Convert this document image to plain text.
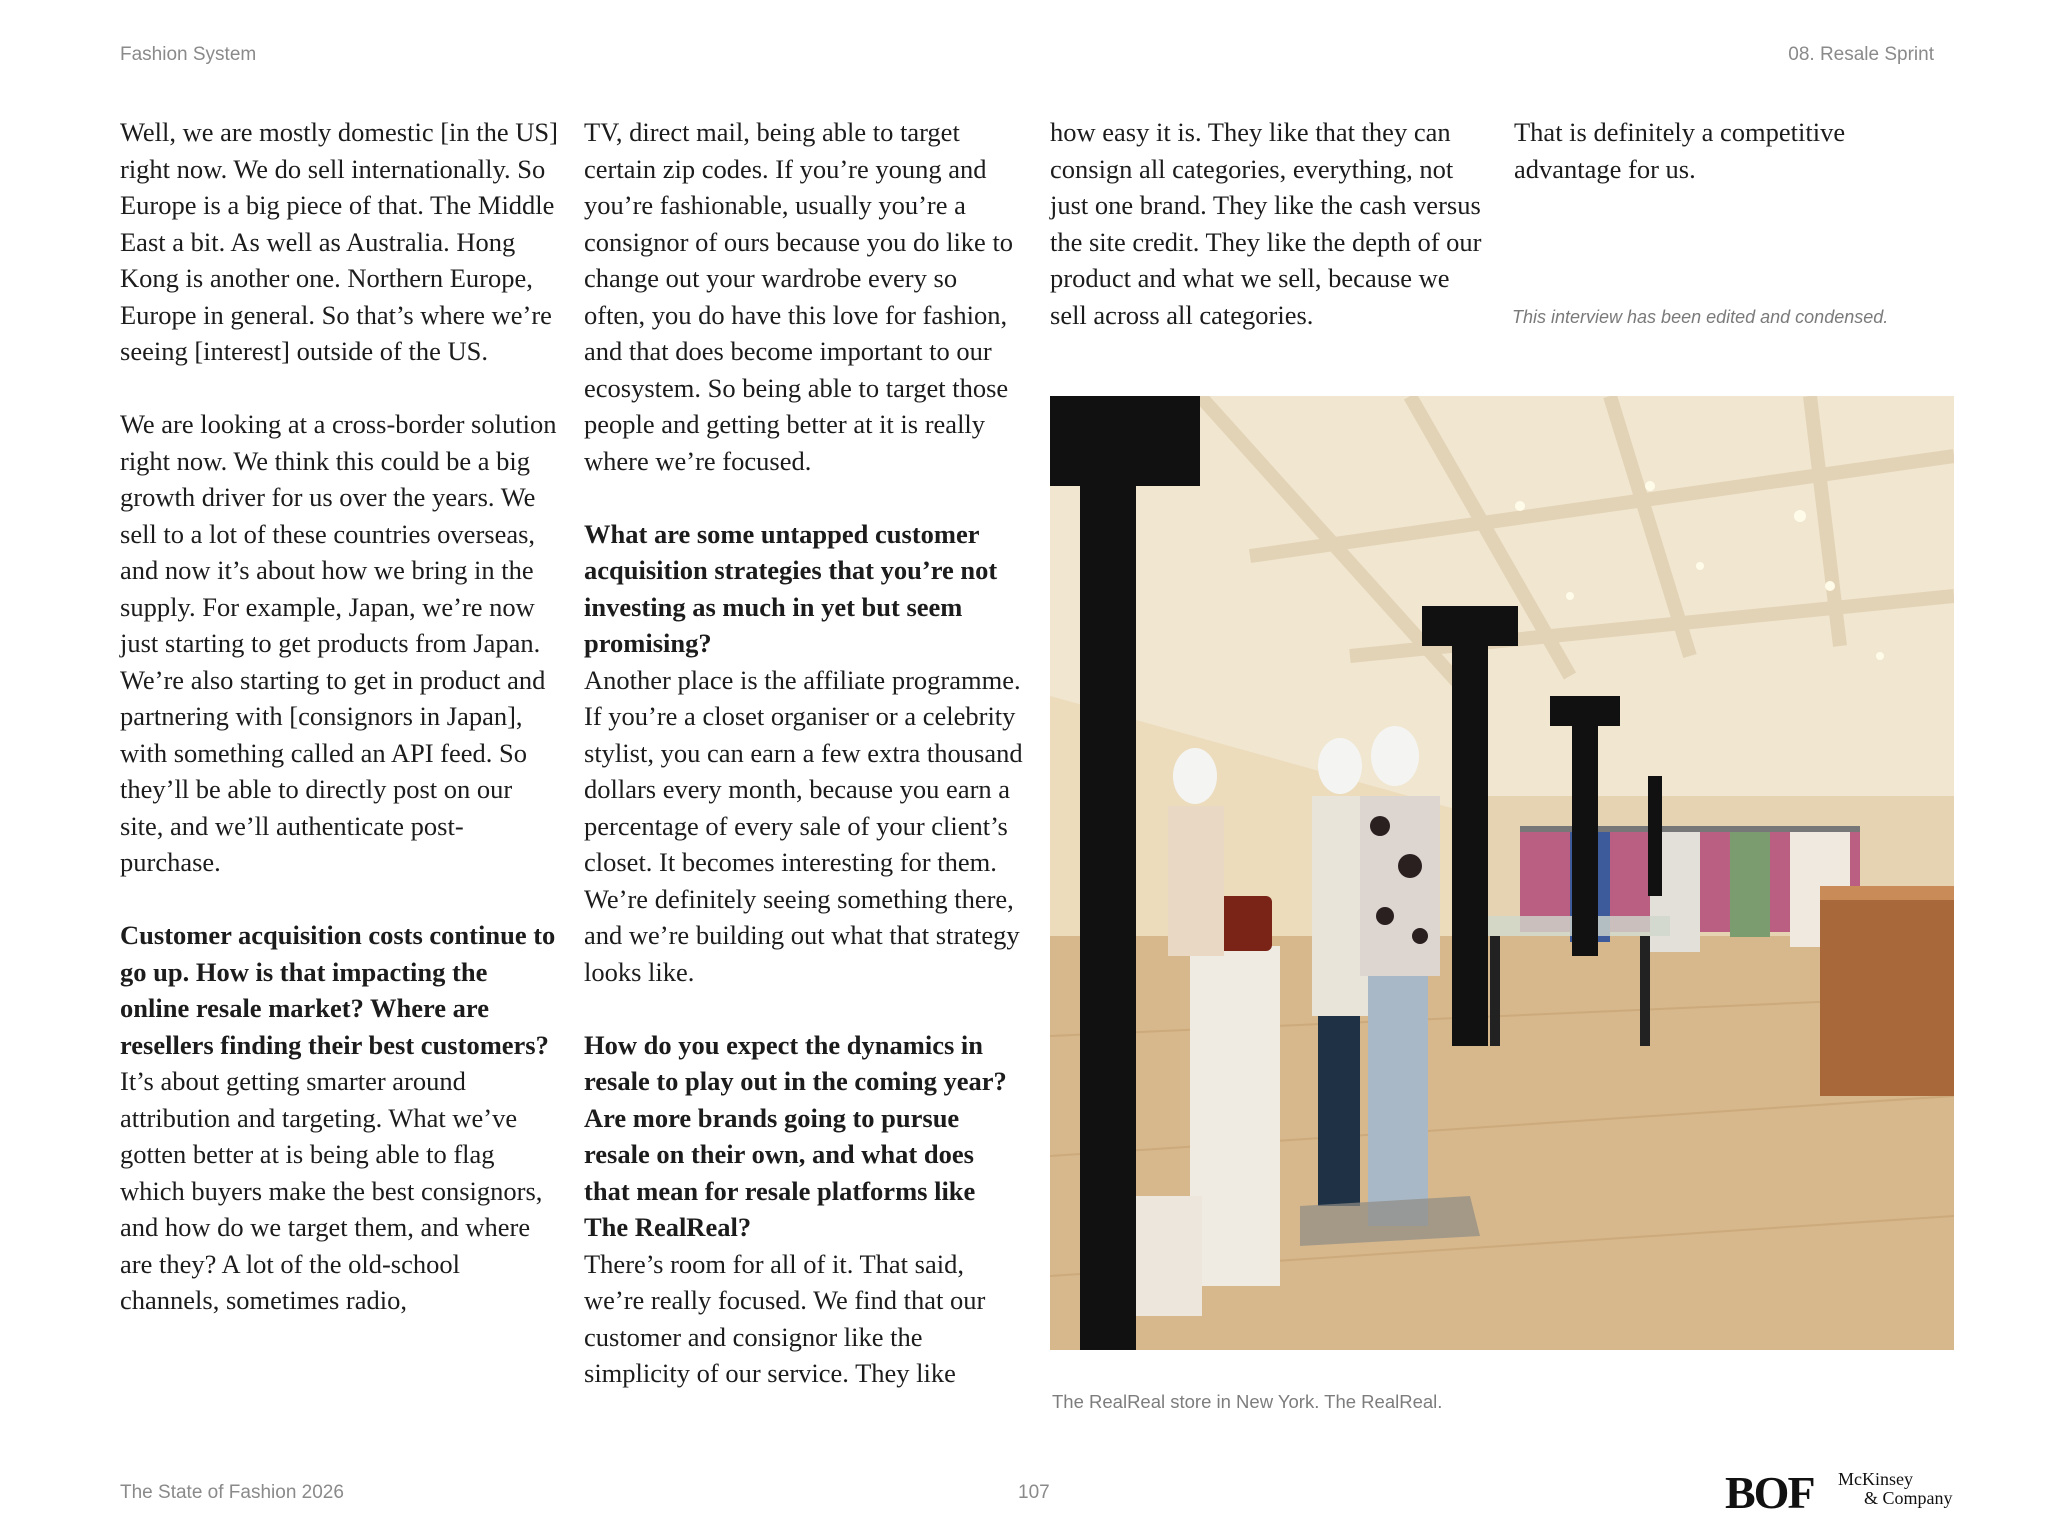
Fashion System	08. Resale Sprint

Well, we are mostly domestic [in the US] right now. We do sell internationally. So Europe is a big piece of that. The Middle East a bit. As well as Australia. Hong Kong is another one. Northern Europe, Europe in general. So that’s where we’re seeing [interest] outside of the US.

We are looking at a cross-border solution right now. We think this could be a big growth driver for us over the years. We sell to a lot of these countries overseas, and now it’s about how we bring in the supply. For example, Japan, we’re now just starting to get products from Japan. We’re also starting to get in product and partnering with [consignors in Japan], with something called an API feed. So they’ll be able to directly post on our site, and we’ll authenticate post-purchase.

Customer acquisition costs continue to go up. How is that impacting the online resale market? Where are resellers finding their best customers?

It’s about getting smarter around attribution and targeting. What we’ve gotten better at is being able to flag which buyers make the best consignors, and how do we target them, and where are they? A lot of the old-school channels, sometimes radio,

TV, direct mail, being able to target certain zip codes. If you’re young and you’re fashionable, usually you’re a consignor of ours because you do like to change out your wardrobe every so often, you do have this love for fashion, and that does become important to our ecosystem. So being able to target those people and getting better at it is really where we’re focused.

What are some untapped customer acquisition strategies that you’re not investing as much in yet but seem promising?

Another place is the affiliate programme. If you’re a closet organiser or a celebrity stylist, you can earn a few extra thousand dollars every month, because you earn a percentage of every sale of your client’s closet. It becomes interesting for them. We’re definitely seeing something there, and we’re building out what that strategy looks like.

How do you expect the dynamics in resale to play out in the coming year? Are more brands going to pursue resale on their own, and what does that mean for resale platforms like The RealReal?

There’s room for all of it. That said, we’re really focused. We find that our customer and consignor like the simplicity of our service. They like

how easy it is. They like that they can consign all categories, everything, not just one brand. They like the cash versus the site credit. They like the depth of our product and what we sell, because we sell across all categories.

That is definitely a competitive advantage for us.

This interview has been edited and condensed.
The RealReal store in New York. The RealReal.
The State of Fashion 2026	107	BOF McKinsey
& Company
